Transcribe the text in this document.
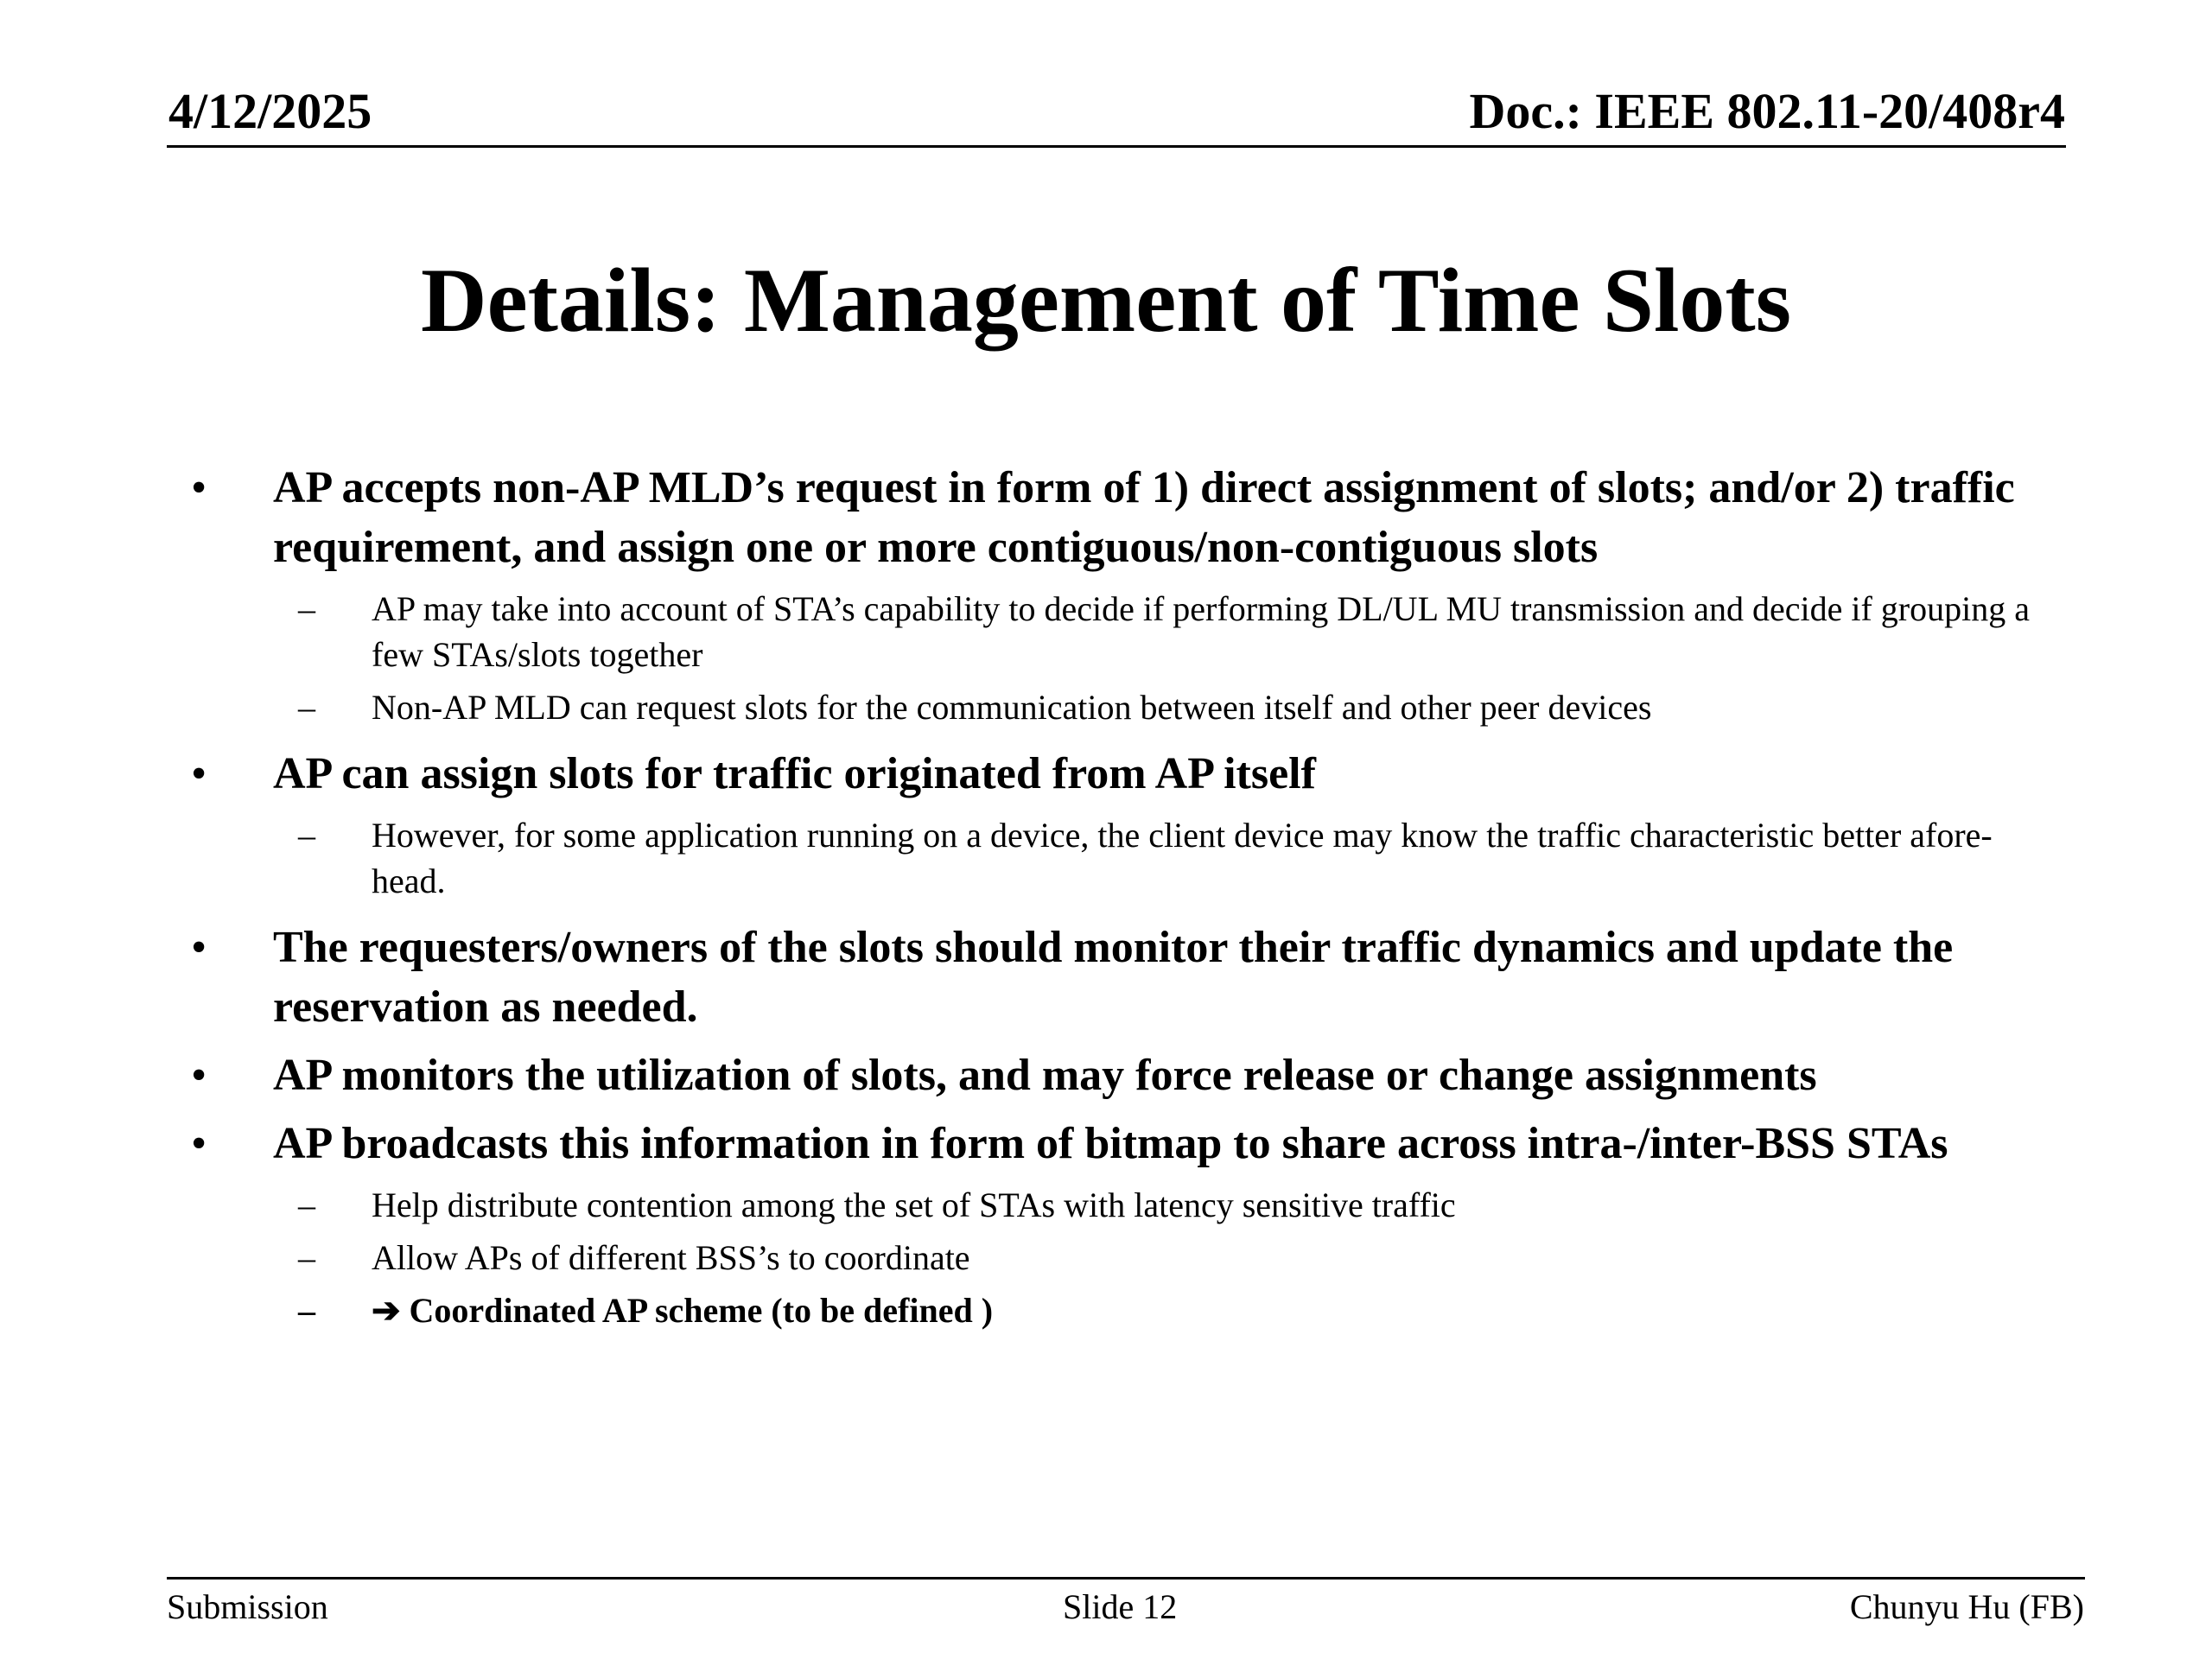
4/12/2025	Doc.: IEEE 802.11-20/408r4
Details: Management of Time Slots
• AP accepts non-AP MLD’s request in form of 1) direct assignment of slots; and/or 2) traffic requirement, and assign one or more contiguous/non-contiguous slots
– AP may take into account of STA’s capability to decide if performing DL/UL MU transmission and decide if grouping a few STAs/slots together
– Non-AP MLD can request slots for the communication between itself and other peer devices
• AP can assign slots for traffic originated from AP itself
– However, for some application running on a device, the client device may know the traffic characteristic better afore-head.
• The requesters/owners of the slots should monitor their traffic dynamics and update the reservation as needed.
• AP monitors the utilization of slots, and may force release or change assignments
• AP broadcasts this information in form of bitmap to share across intra-/inter-BSS STAs
– Help distribute contention among the set of STAs with latency sensitive traffic
– Allow APs of different BSS’s to coordinate
– ➔ Coordinated AP scheme (to be defined )
Submission	Slide 12	Chunyu Hu (FB)
